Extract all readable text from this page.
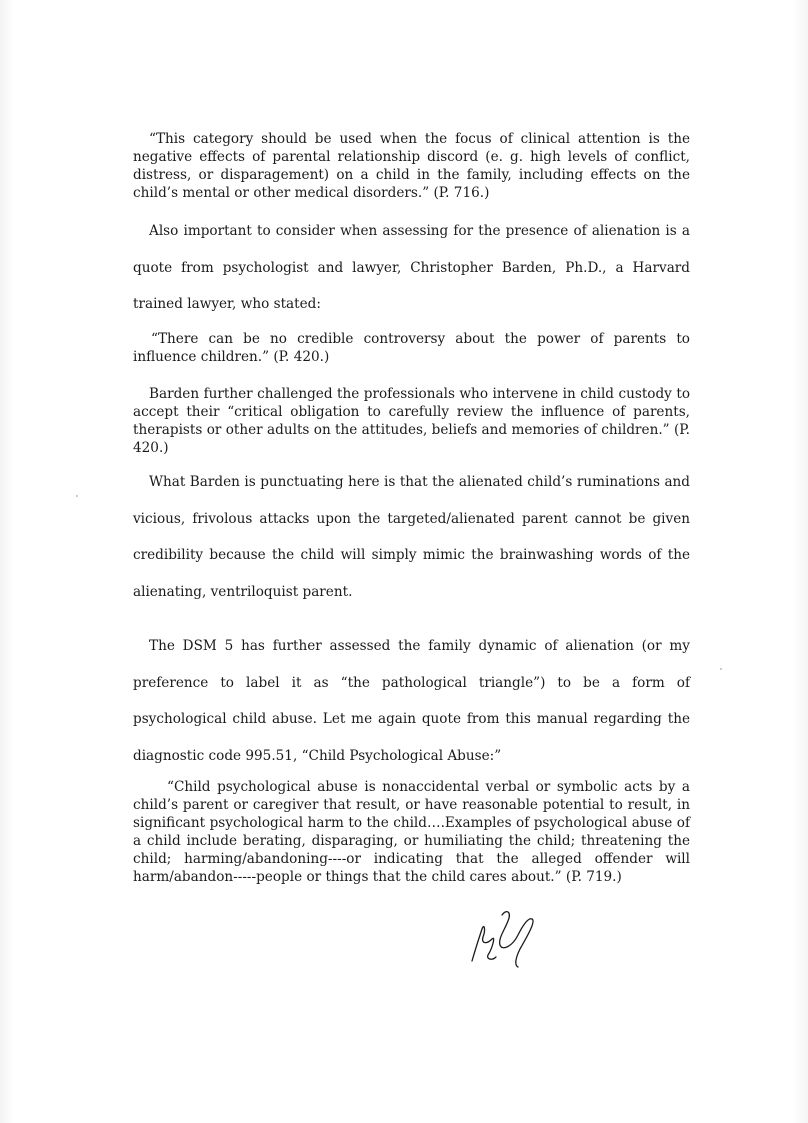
“This category should be used when the focus of clinical attention is the negative effects of parental relationship discord (e. g. high levels of conflict, distress, or disparagement) on a child in the family, including effects on the child’s mental or other medical disorders.” (P. 716.)

Also important to consider when assessing for the presence of alienation is a quote from psychologist and lawyer, Christopher Barden, Ph.D., a Harvard trained lawyer, who stated:

“There can be no credible controversy about the power of parents to influence children.” (P. 420.)

Barden further challenged the professionals who intervene in child custody to accept their “critical obligation to carefully review the influence of parents, therapists or other adults on the attitudes, beliefs and memories of children.” (P. 420.)

What Barden is punctuating here is that the alienated child’s ruminations and vicious, frivolous attacks upon the targeted/alienated parent cannot be given credibility because the child will simply mimic the brainwashing words of the alienating, ventriloquist parent.

The DSM 5 has further assessed the family dynamic of alienation (or my preference to label it as “the pathological triangle”) to be a form of psychological child abuse. Let me again quote from this manual regarding the diagnostic code 995.51, “Child Psychological Abuse:”

“Child psychological abuse is nonaccidental verbal or symbolic acts by a child’s parent or caregiver that result, or have reasonable potential to result, in significant psychological harm to the child….Examples of psychological abuse of a child include berating, disparaging, or humiliating the child; threatening the child; harming/abandoning----or indicating that the alleged offender will harm/abandon-----people or things that the child cares about.” (P. 719.)
